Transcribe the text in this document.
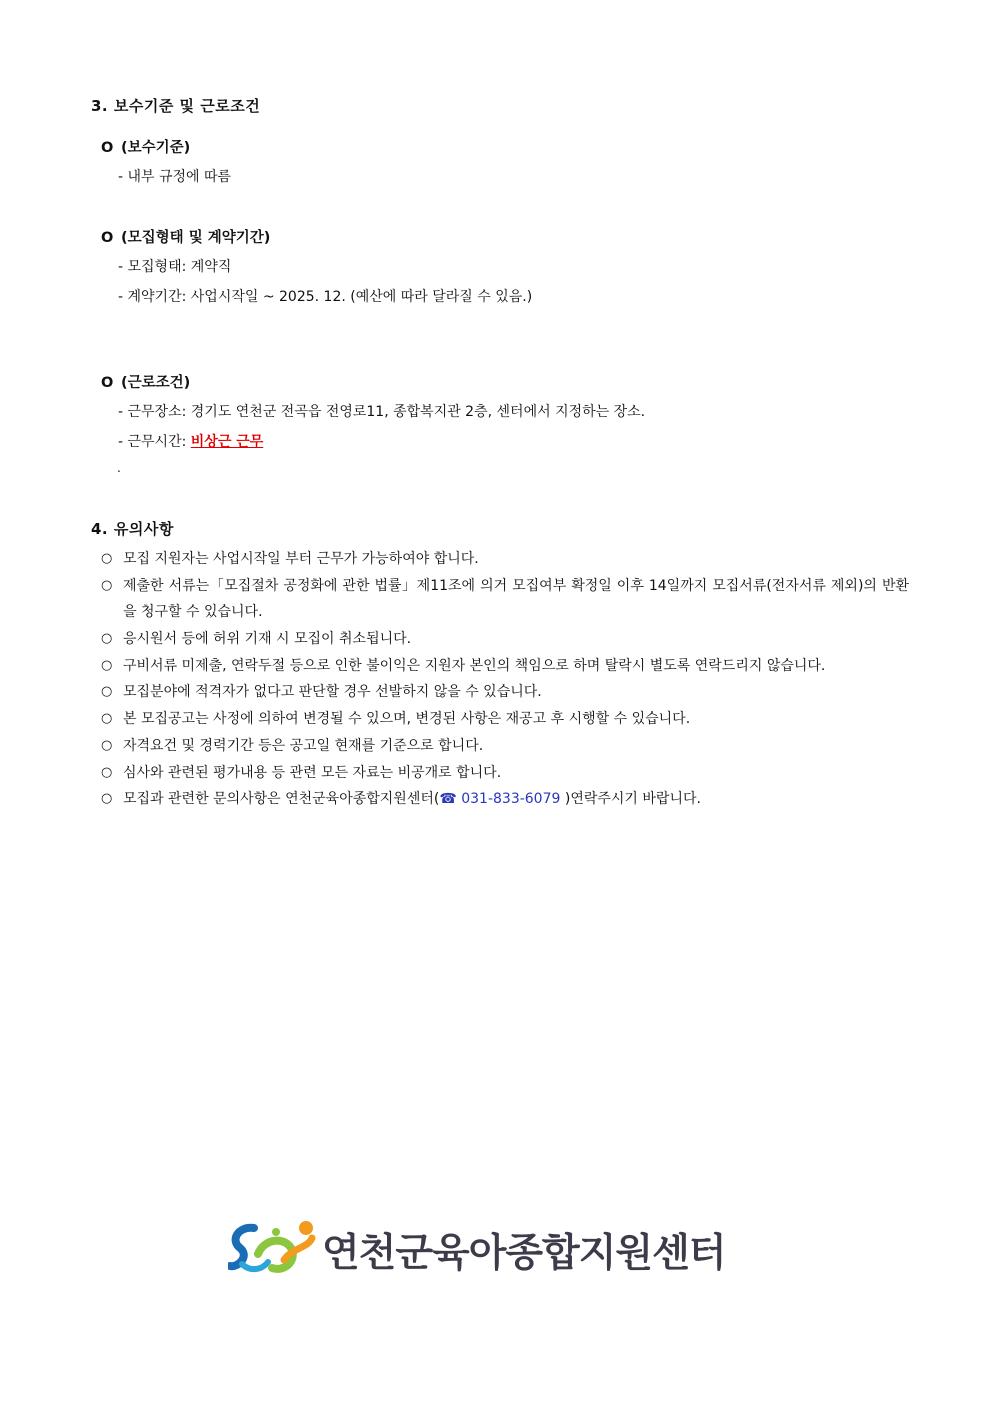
3. 보수기준 및 근로조건
O (보수기준)
- 내부 규정에 따름
O (모집형태 및 계약기간)
- 모집형태: 계약직
- 계약기간: 사업시작일 ~ 2025. 12. (예산에 따라 달라질 수 있음.)
O (근로조건)
- 근무장소: 경기도 연천군 전곡읍 전영로11, 종합복지관 2층, 센터에서 지정하는 장소.
- 근무시간: 비상근 근무
.
4. 유의사항
○ 모집 지원자는 사업시작일 부터 근무가 가능하여야 합니다.
○ 제출한 서류는「모집절차 공정화에 관한 법률」제11조에 의거 모집여부 확정일 이후 14일까지 모집서류(전자서류 제외)의 반환을 청구할 수 있습니다.
○ 응시원서 등에 허위 기재 시 모집이 취소됩니다.
○ 구비서류 미제출, 연락두절 등으로 인한 불이익은 지원자 본인의 책임으로 하며 탈락시 별도록 연락드리지 않습니다.
○ 모집분야에 적격자가 없다고 판단할 경우 선발하지 않을 수 있습니다.
○ 본 모집공고는 사정에 의하여 변경될 수 있으며, 변경된 사항은 재공고 후 시행할 수 있습니다.
○ 자격요건 및 경력기간 등은 공고일 현재를 기준으로 합니다.
○ 심사와 관련된 평가내용 등 관련 모든 자료는 비공개로 합니다.
○ 모집과 관련한 문의사항은 연천군육아종합지원센터(☎ 031-833-6079 )연락주시기 바랍니다.
연천군육아종합지원센터
